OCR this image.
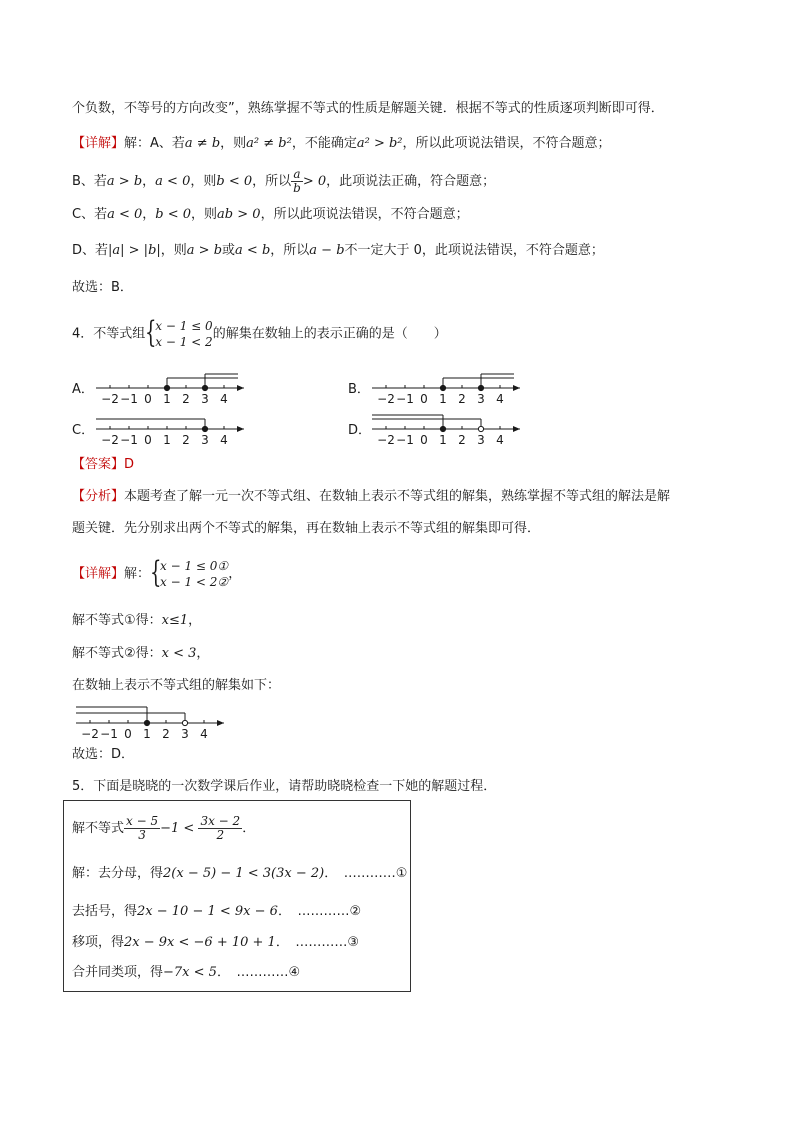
个负数，不等号的方向改变”，熟练掌握不等式的性质是解题关键．根据不等式的性质逐项判断即可得．
【详解】解：A、若a ≠ b，则a² ≠ b²，不能确定a² > b²，所以此项说法错误，不符合题意；
B、若a > b，a < 0，则b < 0，所以 $\frac{a}{b} > 0$，此项说法正确，符合题意；
C、若a < 0，b < 0，则ab > 0，所以此项说法错误，不符合题意；
D、若|a| > |b|，则a > b或a < b，所以a − b不一定大于 0，此项说法错误，不符合题意；
故选：B．
4．不等式组 {
x − 1 ≤ 0
x − 1 < 2
的解集在数轴上的表示正确的是（　　）
A．	B．
C．	D．
−2 −1 0 1 2 3 4	−2 −1 0 1 2 3 4
−2 −1 0 1 2 3 4	−2 −1 0 1 2 3 4
【答案】D
【分析】本题考查了解一元一次不等式组、在数轴上表示不等式组的解集，熟练掌握不等式组的解法是解
题关键．先分别求出两个不等式的解集，再在数轴上表示不等式组的解集即可得．
【详解】解： {
x − 1 ≤ 0①
x − 1 < 2②
，
解不等式①得：x≤1，
解不等式②得：x < 3，
在数轴上表示不等式组的解集如下：
−2 −1 0 1 2 3 4
故选：D．
5．下面是晓晓的一次数学课后作业，请帮助晓晓检查一下她的解题过程．
解不等式 $\frac{x - 5}{3} -1 < \frac{3x - 2}{2}$ ．
解：去分母，得2(x − 5) − 1 < 3(3x − 2)．　…………①
去括号，得2x − 10 − 1 < 9x − 6．　…………②
移项，得2x − 9x < −6 + 10 + 1．　…………③
合并同类项，得−7x < 5．　…………④
